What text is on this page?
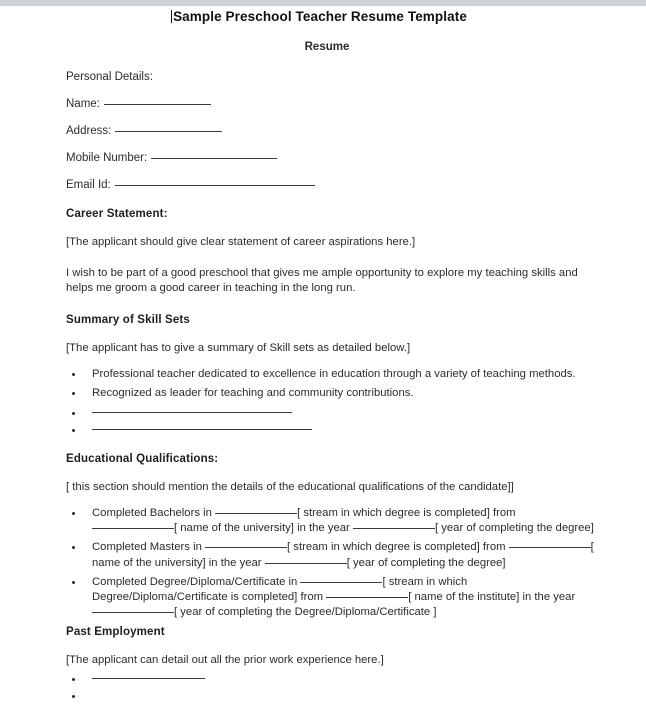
Sample Preschool Teacher Resume Template
Resume
Personal Details:
Name:
Address:
Mobile Number:
Email Id:
Career Statement:
[The applicant should give clear statement of career aspirations here.]
I wish to be part of a good preschool that gives me ample opportunity to explore my teaching skills and helps me groom a good career in teaching in the long run.
Summary of Skill Sets
[The applicant has to give a summary of Skill sets as detailed below.]
Professional teacher dedicated to excellence in education through a variety of teaching methods.
Recognized as leader for teaching and community contributions.
Educational Qualifications:
[ this section should mention the details of the educational qualifications of the candidate]]
Completed Bachelors in	[ stream in which degree is completed] from [ name of the university] in the year	[ year of completing the degree]
Completed Masters in	[ stream in which degree is completed] from	[ name of the university] in the year	[ year of completing the degree]
Completed Degree/Diploma/Certificate in	[ stream in which Degree/Diploma/Certificate is completed] from	[ name of the institute] in the year [ year of completing the Degree/Diploma/Certificate ]
Past Employment
[The applicant can detail out all the prior work experience here.]
